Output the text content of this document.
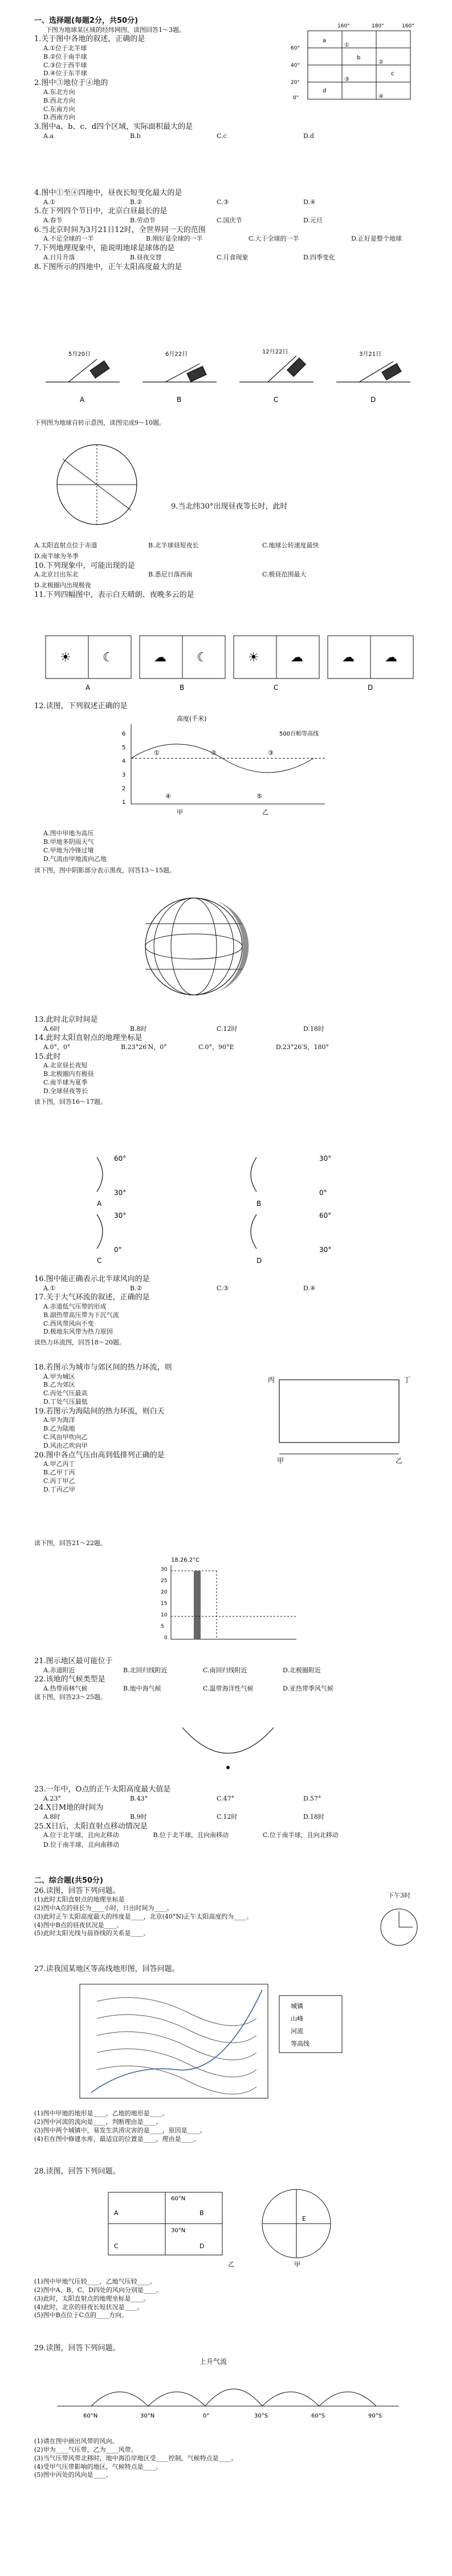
一、选择题(每题2分，共50分)

下图为地球某区域的经纬网图，读图回答1～3题。

1.关于图中各地的叙述，正确的是

A.①位于北半球
B.②位于南半球
C.③位于西半球
D.④位于东半球

2.图中③地位于④地的

A.东北方向
B.西北方向
C.东南方向
D.西南方向

3.图中a、b、c、d四个区域，实际面积最大的是

A.a	B.b	C.c	D.d
160°	180°	160°
60°
40°
20°
0°
a
b
c
d
①
②
③
④

4.图中①至④四地中，昼夜长短变化最大的是

A.①	B.②	C.③	D.④

5.在下列四个节日中，北京白昼最长的是

A.春节	B.劳动节	C.国庆节	D.元旦

6.当北京时间为3月21日12时，全世界同一天的范围

A.不足全球的一半	B.刚好是全球的一半	C.大于全球的一半	D.正好是整个地球

7.下列地理现象中，能说明地球是球体的是

A.日月升落	B.昼夜交替	C.月食现象	D.四季变化

8.下图所示的四地中，正午太阳高度最大的是

5月20日	6月22日	12月22日	3月21日
A	B	C	D

下列图为地球自转示意图，读图完成9～10题。

9.当北纬30°出现昼夜等长时，此时

A.太阳直射点位于赤道	B.北半球昼短夜长	C.地球公转速度最快
D.南半球为冬季

10.下列现象中，可能出现的是

A.北京日出东北	B.悉尼日落西南	C.极昼范围最大
D.北极圈内出现极夜

11.下列四幅图中，表示白天晴朗、夜晚多云的是

☀	☾	☁ ☾	☀	☁	☁ ☁
A	B	C	D

12.读图，下列叙述正确的是

高度(千米)
500百帕等高线
6
5
4
3
2
1
①	②	③
④	⑤
甲	乙

A.图中甲地为高压

B.甲地多阴雨天气

C.甲地为冷锋过境

D.气流由甲地流向乙地

读下图，图中阴影部分表示黑夜，回答13～15题。

13.此时北京时间是

A.6时	B.8时	C.12时	D.18时

14.此时太阳直射点的地理坐标是

A.0°，0°	B.23°26′N，0°	C.0°，90°E	D.23°26′S，180°

15.此时

A.北京昼长夜短

B.北极圈内有极昼

C.南半球为夏季

D.全球昼夜等长

读下图，回答16～17题。

60°
30°
30°
0°
30°
0°
60°
30°
A
C
B
D

16.图中能正确表示北半球风向的是

A.①	B.②	C.③	D.④

17.关于大气环流的叙述，正确的是

A.赤道低气压带的形成

B.副热带高压带为下沉气流

C.西风带风向不变

D.极地东风带为热力原因

读热力环流图，回答18～20题。

18.若图示为城市与郊区间的热力环流，则

A.甲为城区

B.乙为郊区

C.丙处气压最高

D.丁处气压最低

19.若图示为海陆间的热力环流，则白天

A.甲为海洋

B.乙为陆地

C.风由甲吹向乙

D.风由乙吹向甲

20.图中各点气压由高到低排列正确的是

A.甲乙丙丁

B.乙甲丁丙

C.丙丁甲乙

D.丁丙乙甲

丙	丁
甲	乙

读下图，回答21～22题。

18.26.2°C
30
25
20
15
10
5
0

21.图示地区最可能位于

A.赤道附近	B.北回归线附近	C.南回归线附近	D.北极圈附近

22.该地的气候类型是

A.热带雨林气候	B.地中海气候	C.温带海洋性气候	D.亚热带季风气候

读下图，回答23～25题。

23.一年中，O点的正午太阳高度最大值是

A.23°	B.43°	C.47°	D.57°

24.X日M地的时间为

A.8时	B.9时	C.12时	D.18时

25.X日后，太阳直射点移动情况是

A.位于北半球，且向北移动	B.位于北半球，且向南移动	C.位于南半球，且向北移动
D.位于南半球，且向南移动

二、综合题(共50分)

26.读图，回答下列问题。

(1)此时太阳直射点的地理坐标是

(2)图中A点的昼长为____小时，日出时间为____。

(3)此时正午太阳高度最大的纬度是____，北京(40°N)正午太阳高度约为____。

(4)图中B点的昼夜状况是____。

(5)此时太阳光线与晨昏线的关系是____。

下午3时

27.读我国某地区等高线地形图，回答问题。

城镇
山峰
河流
等高线

(1)图中甲地的地形是____，乙地的地形是____。

(2)图中河流的流向是____，判断理由是____。

(3)图中两个城镇中，易发生洪涝灾害的是____，原因是____。

(4)若在图中修建水库，最适宜的位置是____，理由是____。

28.读图，回答下列问题。

60°N
30°N
A	B
C	D
E
乙	甲

(1)图中甲地气压较____，乙地气压较____。

(2)图中A、B、C、D四处的风向分别是____。

(3)此时，太阳直射点的地理坐标是____。

(4)此时，北京的昼夜长短状况是____。

(5)图中B点位于C点的____方向。

29.读图，回答下列问题。

上升气流
60°N	30°N	0°	30°S	60°S	90°S

(1)请在图中画出风带的风向。

(2)甲为____气压带，乙为____风带。

(3)当气压带风带北移时，地中海沿岸地区受____控制，气候特点是____。

(4)受甲气压带影响的地区，气候特点是____。

(5)图中丙处的风向是____。
